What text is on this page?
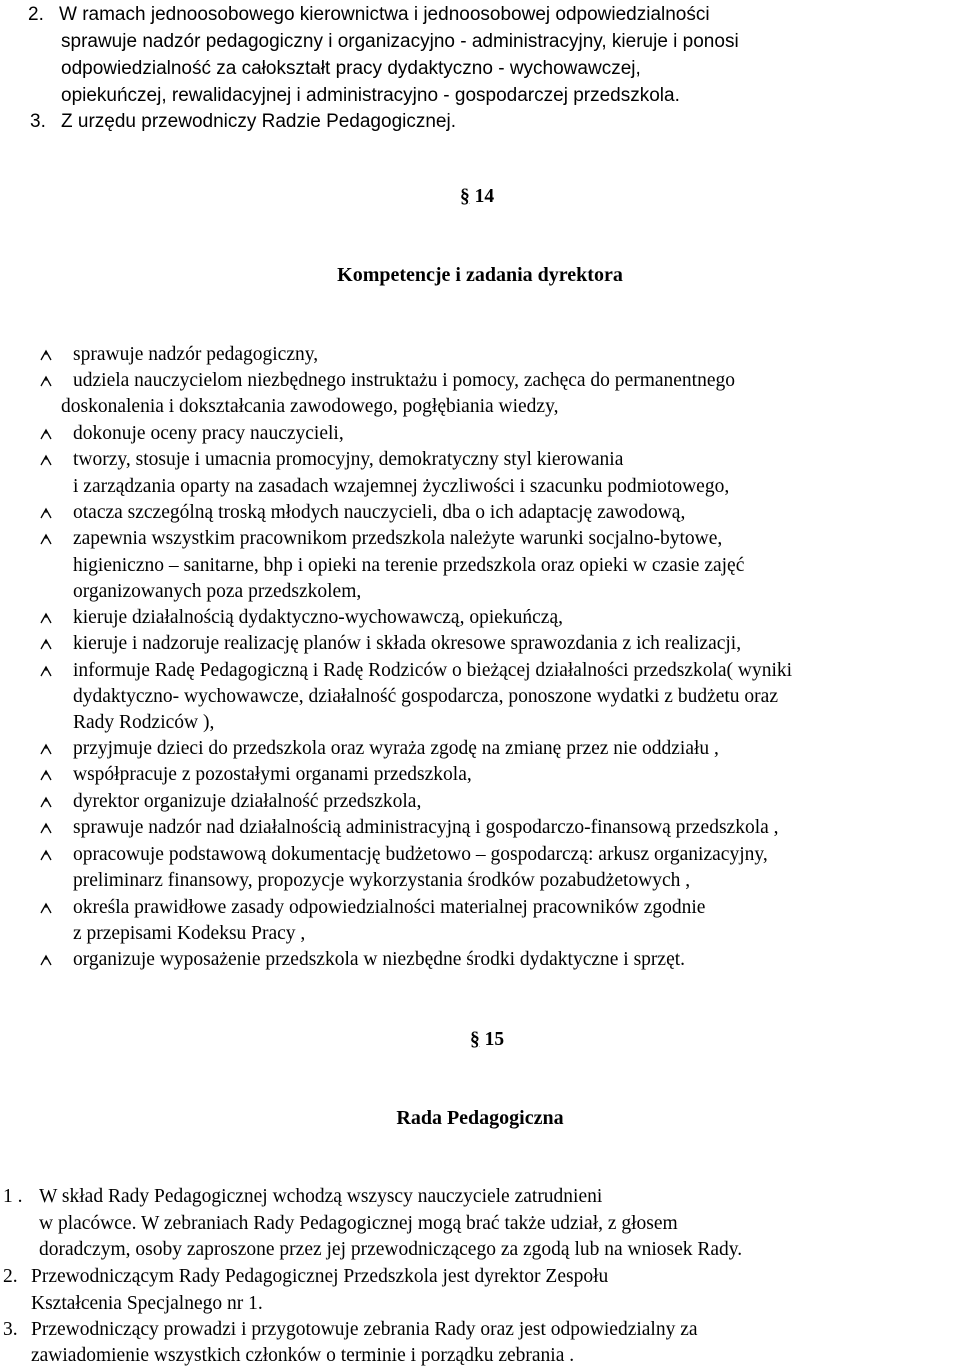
2. W ramach jednoosobowego kierownictwa i jednoosobowej odpowiedzialności
sprawuje nadzór pedagogiczny i organizacyjno - administracyjny, kieruje i ponosi
odpowiedzialność za całokształt pracy dydaktyczno - wychowawczej,
opiekuńczej, rewalidacyjnej i administracyjno - gospodarczej przedszkola.
3. Z urzędu przewodniczy Radzie Pedagogicznej.
§ 14
Kompetencje i zadania dyrektora
sprawuje nadzór pedagogiczny,
udziela nauczycielom niezbędnego instruktażu i pomocy, zachęca do permanentnego
doskonalenia i dokształcania zawodowego, pogłębiania wiedzy,
dokonuje oceny pracy nauczycieli,
tworzy, stosuje i umacnia promocyjny, demokratyczny styl kierowania
i zarządzania oparty na zasadach wzajemnej życzliwości i szacunku podmiotowego,
otacza szczególną troską młodych nauczycieli, dba o ich adaptację zawodową,
zapewnia wszystkim pracownikom przedszkola należyte warunki socjalno-bytowe,
higieniczno – sanitarne, bhp i opieki na terenie przedszkola oraz opieki w czasie zajęć
organizowanych poza przedszkolem,
kieruje działalnością dydaktyczno-wychowawczą, opiekuńczą,
kieruje i nadzoruje realizację planów i składa okresowe sprawozdania z ich realizacji,
informuje Radę Pedagogiczną i Radę Rodziców o bieżącej działalności przedszkola( wyniki
dydaktyczno- wychowawcze, działalność gospodarcza, ponoszone wydatki z budżetu oraz
Rady Rodziców ),
przyjmuje dzieci do przedszkola oraz wyraża zgodę na zmianę przez nie oddziału ,
współpracuje z pozostałymi organami przedszkola,
dyrektor organizuje działalność przedszkola,
sprawuje nadzór nad działalnością administracyjną i gospodarczo-finansową przedszkola ,
opracowuje podstawową dokumentację budżetowo – gospodarczą: arkusz organizacyjny,
preliminarz finansowy, propozycje wykorzystania środków pozabudżetowych ,
określa prawidłowe zasady odpowiedzialności materialnej pracowników zgodnie
z przepisami Kodeksu Pracy ,
organizuje wyposażenie przedszkola w niezbędne środki dydaktyczne i sprzęt.
§ 15
Rada Pedagogiczna
1 . W skład Rady Pedagogicznej wchodzą wszyscy nauczyciele zatrudnieni
w placówce. W zebraniach Rady Pedagogicznej mogą brać także udział, z głosem
doradczym, osoby zaproszone przez jej przewodniczącego za zgodą lub na wniosek Rady.
2. Przewodniczącym Rady Pedagogicznej Przedszkola jest dyrektor Zespołu
Kształcenia Specjalnego nr 1.
3. Przewodniczący prowadzi i przygotowuje zebrania Rady oraz jest odpowiedzialny za
zawiadomienie wszystkich członków o terminie i porządku zebrania .
